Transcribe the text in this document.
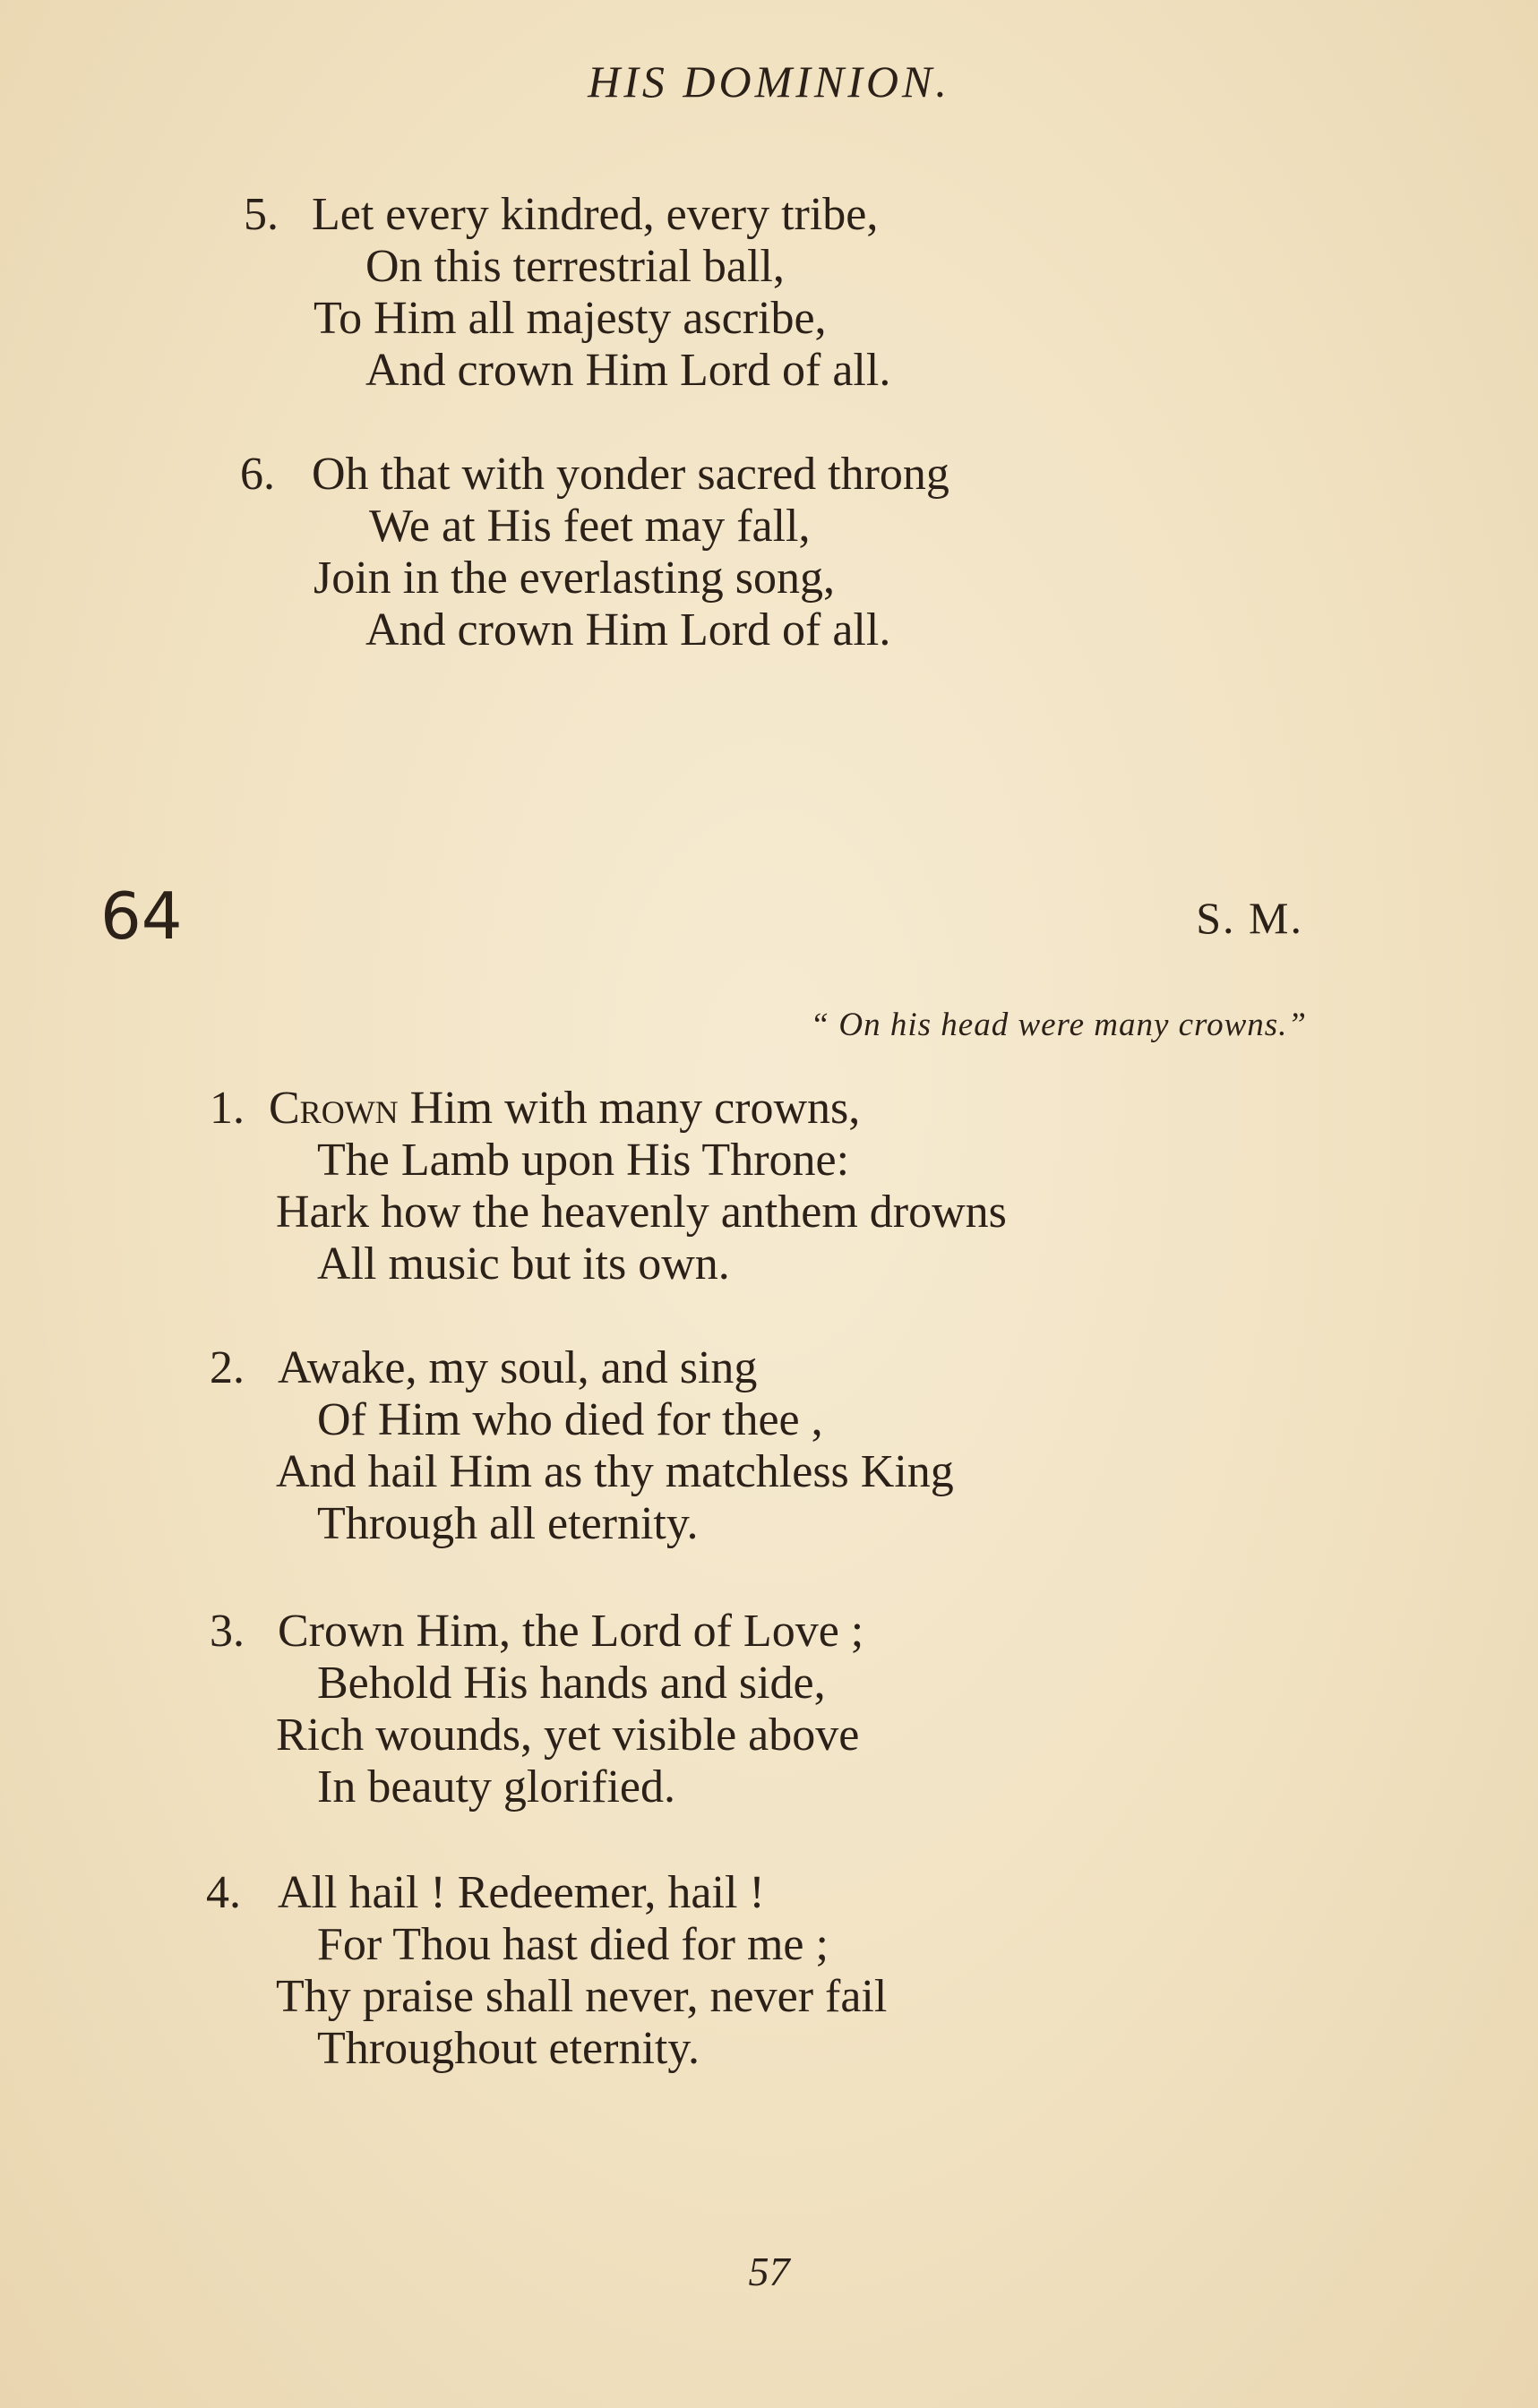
HIS DOMINION.
5. Let every kindred, every tribe,
On this terrestrial ball,
To Him all majesty ascribe,
And crown Him Lord of all.
6. Oh that with yonder sacred throng
We at His feet may fall,
Join in the everlasting song,
And crown Him Lord of all.
64	S. M.
“ On his head were many crowns.”
1. Crown Him with many crowns,
The Lamb upon His Throne:
Hark how the heavenly anthem drowns
All music but its own.
2. Awake, my soul, and sing
Of Him who died for thee ,
And hail Him as thy matchless King
Through all eternity.
3. Crown Him, the Lord of Love ;
Behold His hands and side,
Rich wounds, yet visible above
In beauty glorified.
4. All hail ! Redeemer, hail !
For Thou hast died for me ;
Thy praise shall never, never fail
Throughout eternity.
57
